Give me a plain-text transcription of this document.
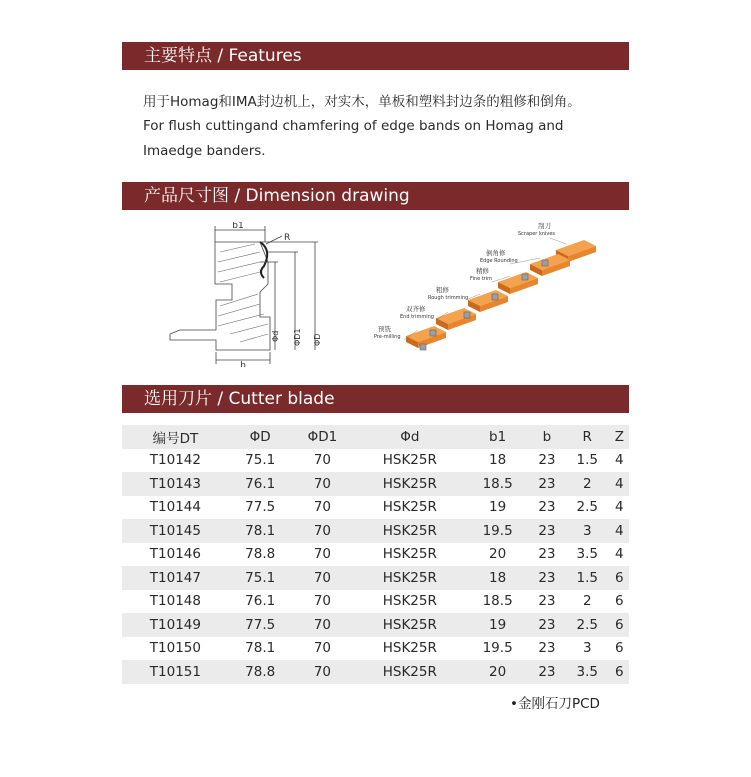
主要特点 / Features
用于Homag和IMA封边机上，对实木，单板和塑料封边条的粗修和倒角。
For flush cuttingand chamfering of edge bands on Homag and
Imaedge banders.
产品尺寸图 / Dimension drawing
b1
R
Φd ΦD1 ΦD
b
刮刀
Scraper knives
倒角修
Edge Rounding
精修
Fine trim
粗修
Rough trimming
双齐修
End trimming
预铣
Pre-milling
选用刀片 / Cutter blade
编号DT	ΦD	ΦD1	Φd	b1	b	R	Z
T10142	75.1	70	HSK25R	18	23	1.5	4
T10143	76.1	70	HSK25R	18.5	23	2	4
T10144	77.5	70	HSK25R	19	23	2.5	4
T10145	78.1	70	HSK25R	19.5	23	3	4
T10146	78.8	70	HSK25R	20	23	3.5	4
T10147	75.1	70	HSK25R	18	23	1.5	6
T10148	76.1	70	HSK25R	18.5	23	2	6
T10149	77.5	70	HSK25R	19	23	2.5	6
T10150	78.1	70	HSK25R	19.5	23	3	6
T10151	78.8	70	HSK25R	20	23	3.5	6
•金刚石刀PCD
